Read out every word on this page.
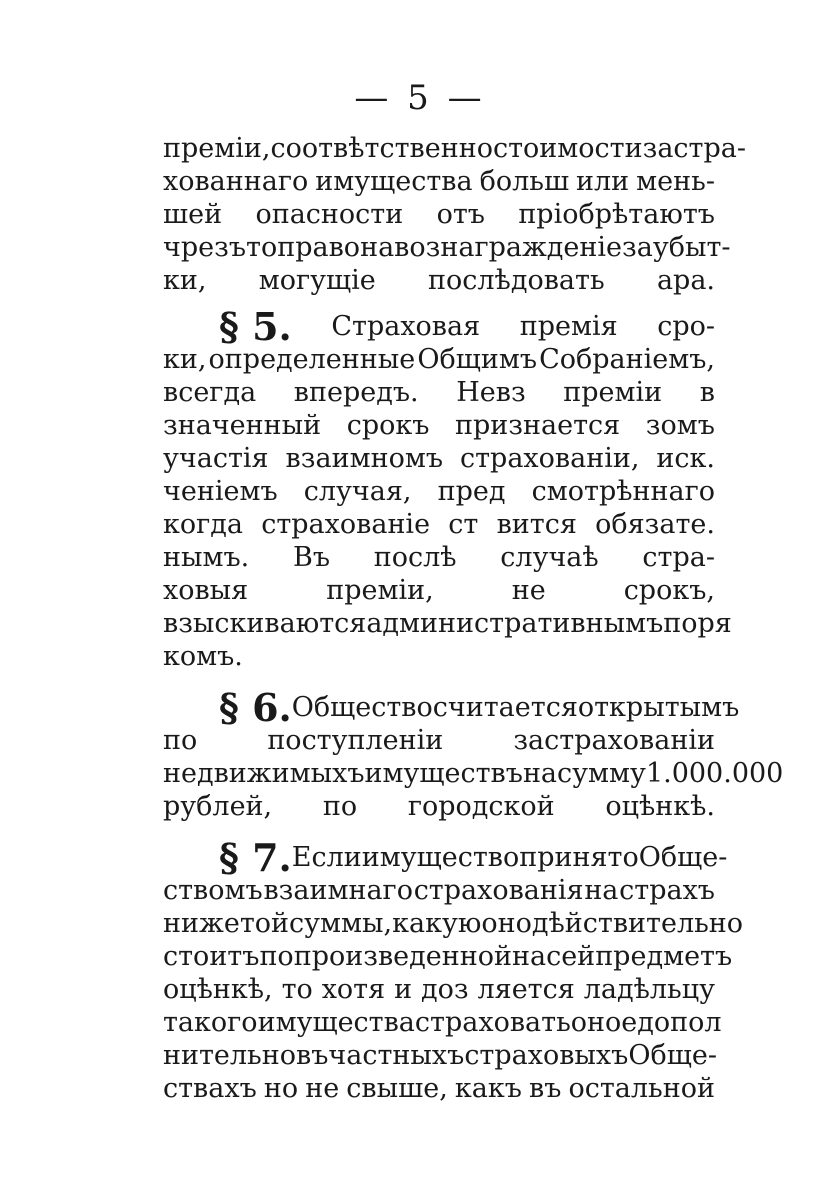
— 5 —
премiи, соотвѣтственно стоимости застра-
хованнаго имущества больш или мень-
шей опасности отъ прiобрѣтаютъ
чрезъ то право на вознагражденiе за убыт-
ки, могущiе послѣдовать ара.
§ 5. Страховая премiя сро-
ки, определенные Общимъ Собранiемъ,
всегда впередъ. Невз премiи в
значенный срокъ признается зомъ
участiя взаимномъ страхованiи, иск.
ченiемъ случая, пред смотрѣннаго
когда страхованiе ст вится обязате.
нымъ. Въ послѣ случаѣ стра-
ховыя	премiи,	не	срокъ,
взыскиваются административнымъ поря
комъ.
§ 6. Общество считается открытымъ
по	поступленiи	застрахованiи
недвижимыхъ имуществъ на сумму 1.000.000
рублей, по городской оцѣнкѣ.
§ 7. Если имущество принято Обще-
ствомъ взаимнаго страхованiя на страхъ
ниже той суммы, какую оно дѣйствительно
стоитъ по произведенной на сей предметъ
оцѣнкѣ, то хотя и доз ляется ладѣльцу
такого имущества страховать оное допол
нительно въ частныхъ страховыхъ Обще-
ствахъ но не свыше, какъ въ остальной
